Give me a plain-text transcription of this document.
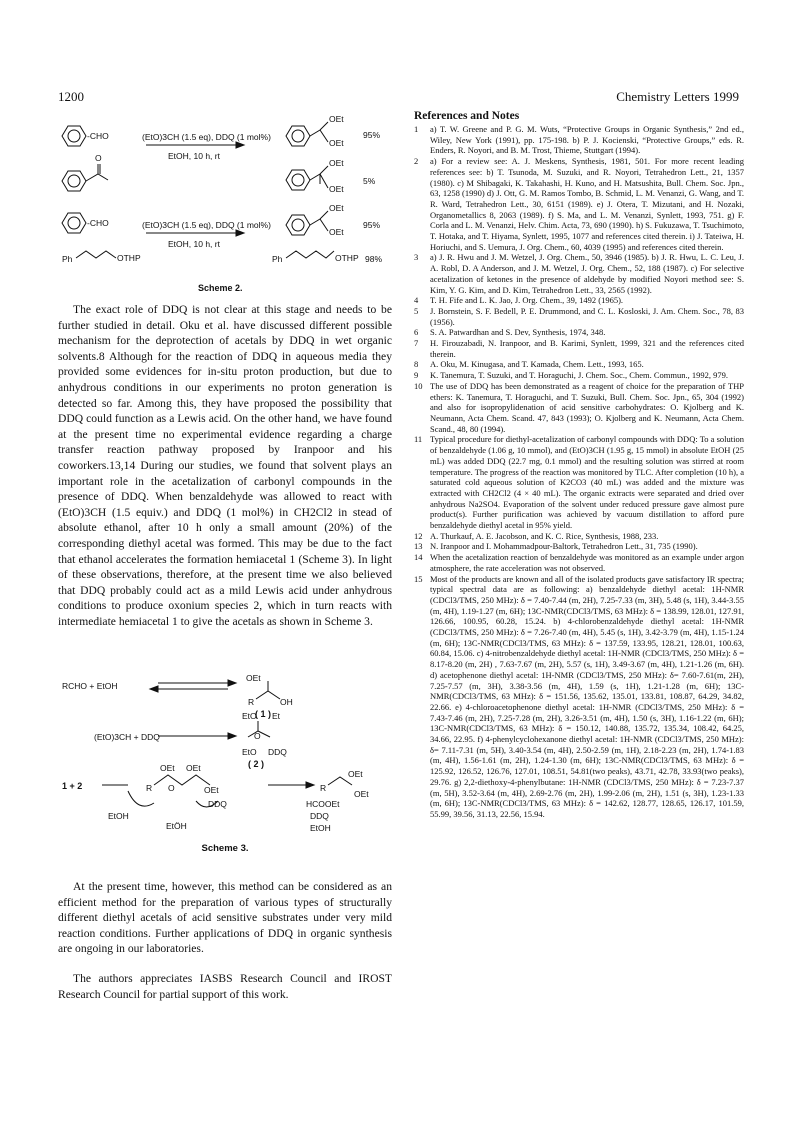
1200	Chemistry Letters 1999
-CHO
O
-CHO
Ph	OTHP
(EtO)3CH (1.5 eq), DDQ (1 mol%)
EtOH, 10 h, rt
(EtO)3CH (1.5 eq), DDQ (1 mol%)
EtOH, 10 h, rt
OEt
OEt
OEt
OEt
OEt
OEt
Ph	OTHP
95%
5%
95%
98%
Scheme 2.

The exact role of DDQ is not clear at this stage and needs to be further studied in detail. Oku et al. have discussed different possible mechanism for the deprotection of acetals by DDQ in wet organic solvents.8 Although for the reaction of DDQ in aqueous media they provided some evidences for in-situ proton production, but due to anhydrous conditions in our experiments no proton generation is detected so far. Among this, they have proposed the possibility that DDQ could function as a Lewis acid. On the other hand, we have found at the present time no experimental evidence regarding a charge transfer reaction pathway proposed by Iranpoor and his coworkers.13,14 During our studies, we found that solvent plays an important role in the acetalization of carbonyl compounds in the presence of DDQ. When benzaldehyde was allowed to react with (EtO)3CH (1.5 equiv.) and DDQ (1 mol%) in CH2Cl2 in stead of absolute ethanol, after 10 h only a small amount (20%) of the corresponding diethyl acetal was formed. This may be due to the fact that ethanol accelerates the formation hemiacetal 1 (Scheme 3). In light of these observations, therefore, at the present time we also believed that DDQ probably could act as a mild Lewis acid under anhydrous conditions to produce oxonium species 2, which in turn reacts with intermediate hemiacetal 1 to give the acetals as shown in Scheme 3.

OEt
RCHO + EtOH
R	OH
( 1 )
EtO Et
(EtO)3CH + DDQ	O
EtO DDQ
( 2 )
OEt OEt
OEt
1 + 2	R O	OEt	R
OEt
DDQ
EtOH
HCOOEt
EtÖH
DDQ
EtOH
Scheme 3.

At the present time, however, this method can be considered as an efficient method for the preparation of various types of structurally different diethyl acetals of acid sensitive substrates under very mild reaction conditions. Further applications of DDQ in organic synthesis are ongoing in our laboratories.

The authors appreciates IASBS Research Council and IROST Research Council for partial support of this work.

References and Notes
1	a) T. W. Greene and P. G. M. Wuts, “Protective Groups in Organic Synthesis,” 2nd ed., Wiley, New York (1991), pp. 175-198. b) P. J. Kocienski, “Protective Groups,” eds. R. Enders, R. Noyori, and B. M. Trost, Thieme, Stuttgart (1994).
2	a) For a review see: A. J. Meskens, Synthesis, 1981, 501. For more recent leading references see: b) T. Tsunoda, M. Suzuki, and R. Noyori, Tetrahedron Lett., 21, 1357 (1980). c) M Shibagaki, K. Takahashi, H. Kuno, and H. Matsushita, Bull. Chem. Soc. Jpn., 63, 1258 (1990) d) J. Ott, G. M. Ramos Tombo, B. Schmid, L. M. Venanzi, G. Wang, and T. R. Ward, Tetrahedron Lett., 30, 6151 (1989). e) J. Otera, T. Mizutani, and H. Nozaki, Organometallics 8, 2063 (1989). f) S. Ma, and L. M. Venanzi, Synlett, 1993, 751. g) F. Corla and L. M. Venanzi, Helv. Chim. Acta, 73, 690 (1990). h) S. Fukuzawa, T. Tsuchimoto, T. Hotaka, and T. Hiyama, Synlett, 1995, 1077 and references cited therein. i) J. Tateiwa, H. Horiuchi, and S. Uemura, J. Org. Chem., 60, 4039 (1995) and references cited therein.
3	a) J. R. Hwu and J. M. Wetzel, J. Org. Chem., 50, 3946 (1985). b) J. R. Hwu, L. C. Leu, J. A. Robl, D. A Anderson, and J. M. Wetzel, J. Org. Chem., 52, 188 (1987). c) For selective acetalization of ketones in the presence of aldehyde by modified Noyori method see: S. Kim, Y. G. Kim, and D. Kim, Tetrahedron Lett., 33, 2565 (1992).
4	T. H. Fife and L. K. Jao, J. Org. Chem., 39, 1492 (1965).
5	J. Bornstein, S. F. Bedell, P. E. Drummond, and C. L. Kosloski, J. Am. Chem. Soc., 78, 83 (1956).
6	S. A. Patwardhan and S. Dev, Synthesis, 1974, 348.
7	H. Firouzabadi, N. Iranpoor, and B. Karimi, Synlett, 1999, 321 and the references cited therein.
8	A. Oku, M. Kinugasa, and T. Kamada, Chem. Lett., 1993, 165.
9	K. Tanemura, T. Suzuki, and T. Horaguchi, J. Chem. Soc., Chem. Commun., 1992, 979.
10 The use of DDQ has been demonstrated as a reagent of choice for the preparation of THP ethers: K. Tanemura, T. Horaguchi, and T. Suzuki, Bull. Chem. Soc. Jpn., 65, 304 (1992) and also for isopropylidenation of acid sensitive carbohydrates: O. Kjolberg and K. Neumann, Acta Chem. Scand. 47, 843 (1993); O. Kjolberg and K. Neumann, Acta Chem. Scand., 48, 80 (1994).
11 Typical procedure for diethyl-acetalization of carbonyl compounds with DDQ: To a solution of benzaldehyde (1.06 g, 10 mmol), and (EtO)3CH (1.95 g, 15 mmol) in absolute EtOH (25 mL) was added DDQ (22.7 mg, 0.1 mmol) and the resulting solution was stirred at room temperature. The progress of the reaction was monitored by TLC. After completion (10 h), a saturated cold aqueous solution of K2CO3 (40 mL) was added and the mixture was extracted with CH2Cl2 (4 × 40 mL). The organic extracts were separated and dried over anhydrous Na2SO4. Evaporation of the solvent under reduced pressure gave almost pure product(s). Further purification was achieved by vacuum distillation to afford pure benzaldehyde diethyl acetal in 95% yield.
12 A. Thurkauf, A. E. Jacobson, and K. C. Rice, Synthesis, 1988, 233.
13 N. Iranpoor and I. Mohammadpour-Baltork, Tetrahedron Lett., 31, 735 (1990).
14 When the acetalization reaction of benzaldehyde was monitored as an example under argon atmosphere, the rate acceleration was not observed.
15 Most of the products are known and all of the isolated products gave satisfactory IR spectra; typical spectral data are as following: a) benzaldehyde diethyl acetal: 1H-NMR (CDCl3/TMS, 250 MHz): δ = 7.40-7.44 (m, 2H), 7.25-7.33 (m, 3H), 5.48 (s, 1H), 3.44-3.55 (m, 4H), 1.19-1.27 (m, 6H); 13C-NMR(CDCl3/TMS, 63 MHz): δ = 138.99, 128.01, 127.91, 126.66, 100.95, 60.28, 15.24. b) 4-chlorobenzaldehyde diethyl acetal: 1H-NMR (CDCl3/TMS, 250 MHz): δ = 7.26-7.40 (m, 4H), 5.45 (s, 1H), 3.42-3.79 (m, 4H), 1.15-1.24 (m, 6H); 13C-NMR(CDCl3/TMS, 63 MHz): δ = 137.59, 133.95, 128.21, 128.01, 100.63, 60.84, 15.06. c) 4-nitrobenzaldehyde diethyl acetal: 1H-NMR (CDCl3/TMS, 250 MHz): δ = 8.17-8.20 (m, 2H) , 7.63-7.67 (m, 2H), 5.57 (s, 1H), 3.49-3.67 (m, 4H), 1.21-1.26 (m, 6H). d) acetophenone diethyl acetal: 1H-NMR (CDCl3/TMS, 250 MHz): δ= 7.60-7.61(m, 2H), 7.25-7.57 (m, 3H), 3.38-3.56 (m, 4H), 1.59 (s, 1H), 1.21-1.28 (m, 6H); 13C-NMR(CDCl3/TMS, 63 MHz): δ = 151.56, 135.62, 135.01, 133.81, 108.87, 64.29, 34.82, 22.66. e) 4-chloroacetophenone diethyl acetal: 1H-NMR (CDCl3/TMS, 250 MHz): δ = 7.43-7.46 (m, 2H), 7.25-7.28 (m, 2H), 3.26-3.51 (m, 4H), 1.50 (s, 3H), 1.16-1.22 (m, 6H); 13C-NMR(CDCl3/TMS, 63 MHz): δ = 150.12, 140.88, 135.72, 135.34, 108.42, 64.25, 34.66, 22.95. f) 4-phenylcyclohexanone diethyl acetal: 1H-NMR (CDCl3/TMS, 250 MHz): δ= 7.11-7.31 (m, 5H), 3.40-3.54 (m, 4H), 2.50-2.59 (m, 1H), 2.18-2.23 (m, 2H), 1.74-1.83 (m, 4H), 1.56-1.61 (m, 2H), 1.24-1.30 (m, 6H); 13C-NMR(CDCl3/TMS, 63 MHz): δ = 125.92, 126.52, 126.76, 127.01, 108.51, 54.81(two peaks), 43.71, 42.78, 33.93(two peaks), 29.76. g) 2,2-diethoxy-4-phenylbutane: 1H-NMR (CDCl3/TMS, 250 MHz): δ = 7.23-7.37 (m, 5H), 3.52-3.64 (m, 4H), 2.69-2.76 (m, 2H), 1.99-2.06 (m, 2H), 1.51 (s, 3H), 1.23-1.33 (m, 6H); 13C-NMR(CDCl3/TMS, 63 MHz): δ = 142.62, 128.77, 128.65, 126.17, 101.59, 55.99, 39.56, 31.13, 22.56, 15.94.
